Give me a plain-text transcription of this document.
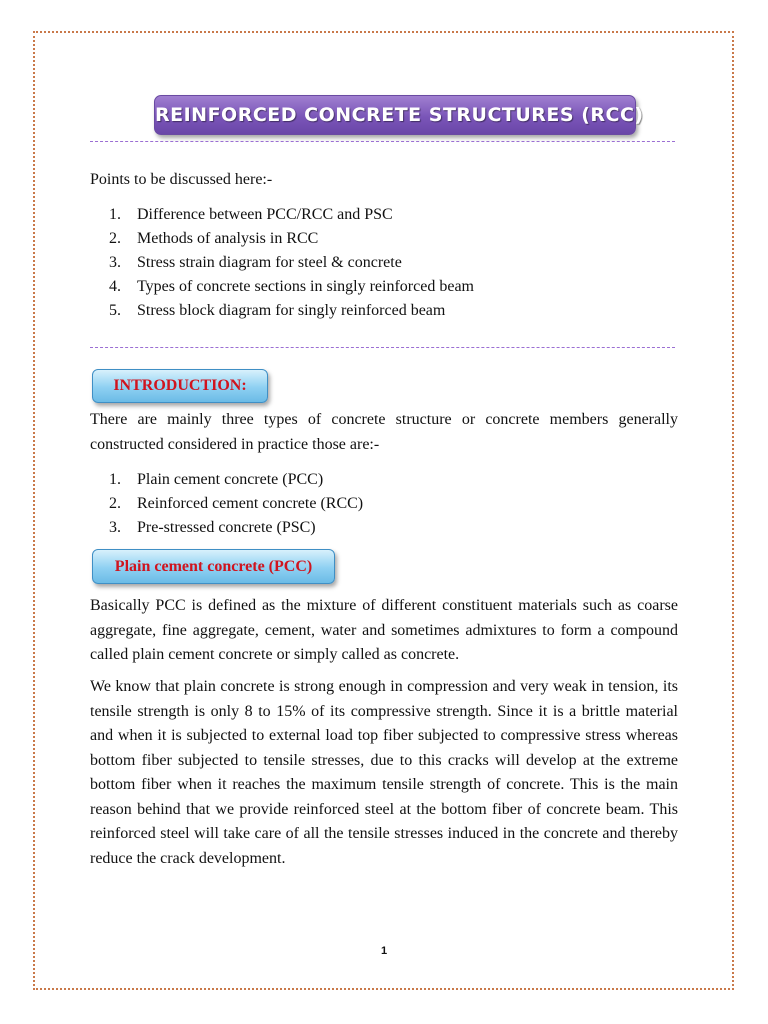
REINFORCED CONCRETE STRUCTURES (RCC)
Points to be discussed here:-
1. Difference between PCC/RCC and PSC
2. Methods of analysis in RCC
3. Stress strain diagram for steel & concrete
4. Types of concrete sections in singly reinforced beam
5. Stress block diagram for singly reinforced beam
INTRODUCTION:
There are mainly three types of concrete structure or concrete members generally constructed considered in practice those are:-
1. Plain cement concrete (PCC)
2. Reinforced cement concrete (RCC)
3. Pre-stressed concrete (PSC)
Plain cement concrete (PCC)
Basically PCC is defined as the mixture of different constituent materials such as coarse aggregate, fine aggregate, cement, water and sometimes admixtures to form a compound called plain cement concrete or simply called as concrete.
We know that plain concrete is strong enough in compression and very weak in tension, its tensile strength is only 8 to 15% of its compressive strength. Since it is a brittle material and when it is subjected to external load top fiber subjected to compressive stress whereas bottom fiber subjected to tensile stresses, due to this cracks will develop at the extreme bottom fiber when it reaches the maximum tensile strength of concrete. This is the main reason behind that we provide reinforced steel at the bottom fiber of concrete beam. This reinforced steel will take care of all the tensile stresses induced in the concrete and thereby reduce the crack development.
1
